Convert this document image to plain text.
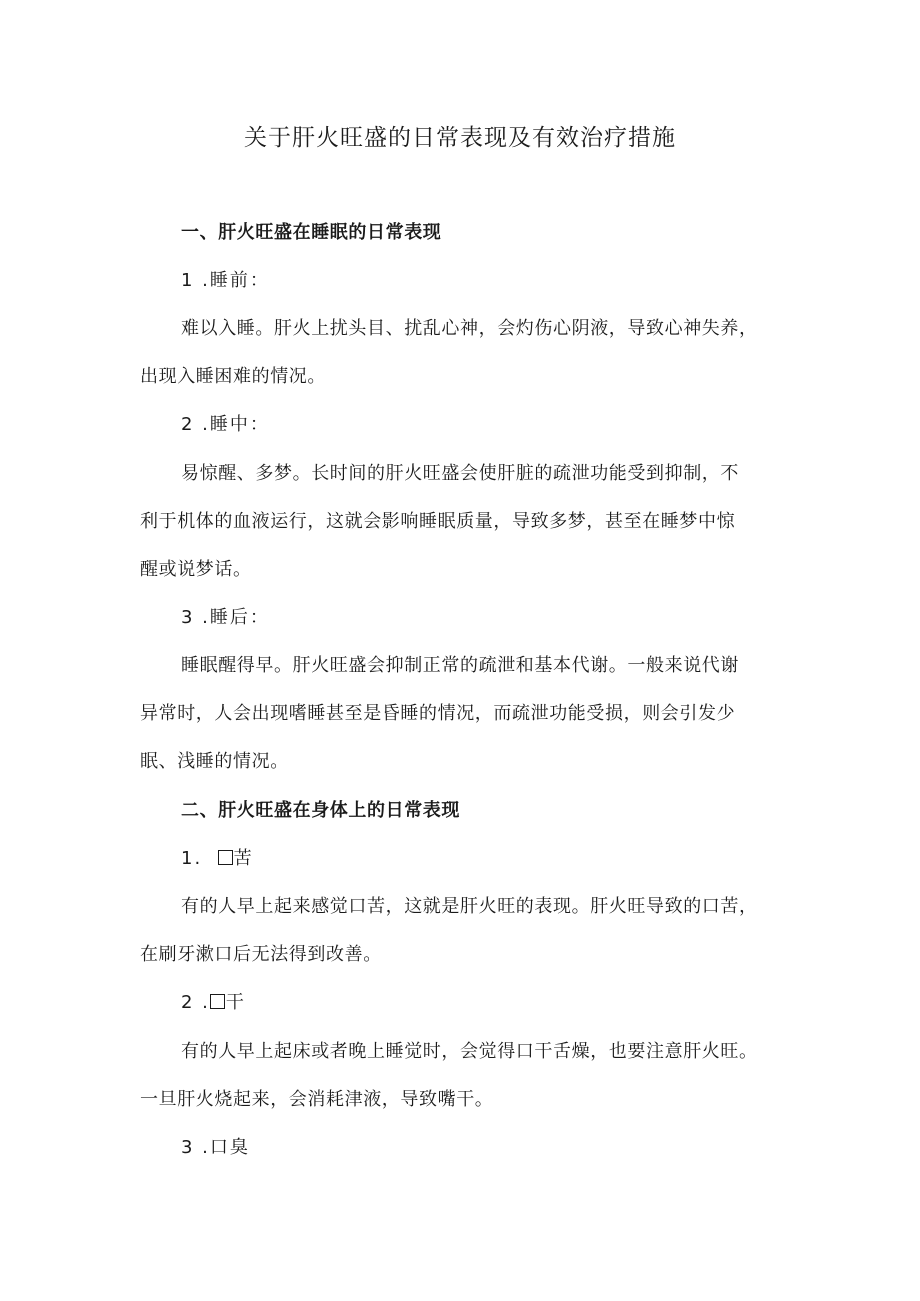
关于肝火旺盛的日常表现及有效治疗措施

一、肝火旺盛在睡眠的日常表现

1 .睡前：

难以入睡。肝火上扰头目、扰乱心神，会灼伤心阴液，导致心神失养，

出现入睡困难的情况。

2 .睡中：

易惊醒、多梦。长时间的肝火旺盛会使肝脏的疏泄功能受到抑制，不

利于机体的血液运行，这就会影响睡眠质量，导致多梦，甚至在睡梦中惊

醒或说梦话。

3 .睡后：

睡眠醒得早。肝火旺盛会抑制正常的疏泄和基本代谢。一般来说代谢

异常时，人会出现嗜睡甚至是昏睡的情况，而疏泄功能受损，则会引发少

眠、浅睡的情况。

二、肝火旺盛在身体上的日常表现

1.  苦

有的人早上起来感觉口苦，这就是肝火旺的表现。肝火旺导致的口苦，

在刷牙漱口后无法得到改善。

2 . 干

有的人早上起床或者晚上睡觉时，会觉得口干舌燥，也要注意肝火旺。

一旦肝火烧起来，会消耗津液，导致嘴干。

3 .口臭
